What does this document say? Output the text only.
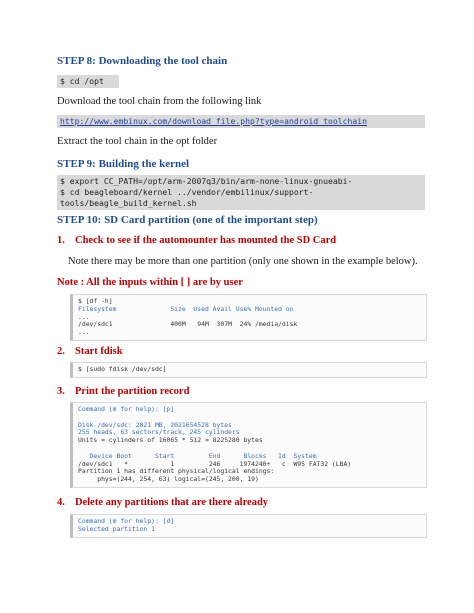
STEP 8: Downloading the tool chain
$ cd /opt
Download the tool chain from the following link
http://www.embinux.com/download_file.php?type=android_toolchain
Extract the tool chain in the opt folder
STEP 9: Building the kernel
$ export CC_PATH=/opt/arm-2007q3/bin/arm-none-linux-gnueabi-
$ cd beagleboard/kernel ../vendor/embilinux/support-
tools/beagle_build_kernel.sh
STEP 10: SD Card partition (one of the important step)
1. Check to see if the automounter has mounted the SD Card
Note there may be more than one partition (only one shown in the example below).
Note : All the inputs within [ ] are by user
$ [df -h]
Filesystem              Size  Used Avail Use% Mounted on
...
/dev/sdc1               400M   94M  307M  24% /media/disk
...
2. Start fdisk
$ [sudo fdisk /dev/sdc]
3. Print the partition record
Command (m for help): [p]

Disk /dev/sdc: 2021 MB, 2021654528 bytes
255 heads, 63 sectors/track, 245 cylinders
Units = cylinders of 16065 * 512 = 8225280 bytes

Device Boot      Start         End      Blocks   Id  System
/dev/sdc1   *           1         246     1974240+   c  W95 FAT32 (LBA)
Partition 1 has different physical/logical endings:
phys=(244, 254, 63) logical=(245, 200, 19)
4. Delete any partitions that are there already
Command (m for help): [d]
Selected partition 1
